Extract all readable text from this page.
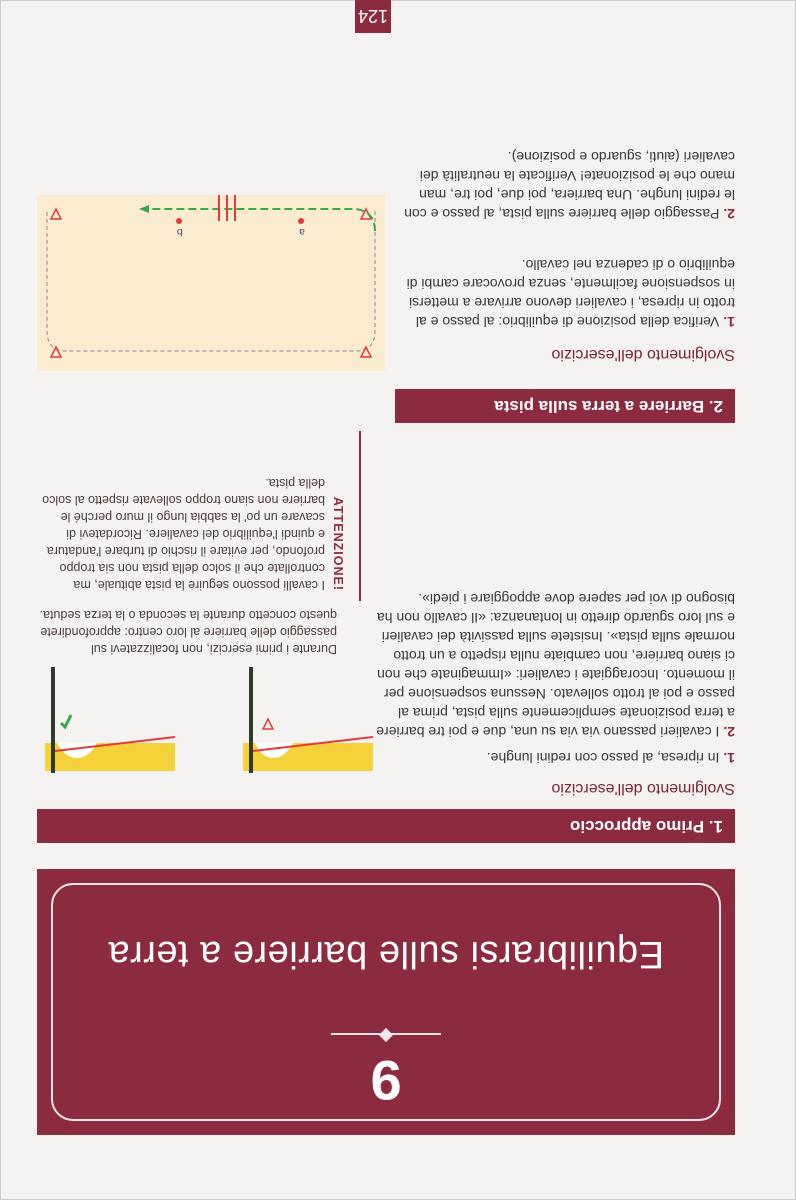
124
9
Equilibrarsi sulle barriere a terra
1. Primo approccio
Svolgimento dell'esercizio
1. In ripresa, al passo con redini lunghe.
2. I cavalieri passano via via su una, due e poi tre barriere a terra posizionate semplicemente sulla pista, prima al passo e poi al trotto sollevato. Nessuna sospensione per il momento. Incoraggiate i cavalieri: «Immaginate che non ci siano barriere, non cambiate nulla rispetto a un trotto normale sulla pista». Insistete sulla passività dei cavalieri e sul loro sguardo diretto in lontananza: «Il cavallo non ha bisogno di voi per sapere dove appoggiare i piedi».
Durante i primi esercizi, non focalizzatevi sul passaggio delle barriere al loro centro: approfondirete questo concetto durante la seconda o la terza seduta.
ATTENZIONE!
I cavalli possono seguire la pista abituale, ma controllate che il solco della pista non sia troppo profondo, per evitare il rischio di turbare l'andatura e quindi l'equilibrio del cavaliere. Ricordatevi di scavare un po' la sabbia lungo il muro perché le barriere non siano troppo sollevate rispetto al solco della pista.
2. Barriere a terra sulla pista
Svolgimento dell'esercizio
1. Verifica della posizione di equilibrio: al passo e al trotto in ripresa, i cavalieri devono arrivare a mettersi in sospensione facilmente, senza provocare cambi di equilibrio o di cadenza nel cavallo.
2. Passaggio delle barriere sulla pista, al passo e con le redini lunghe. Una barriera, poi due, poi tre, man mano che le posizionate! Verificate la neutralità dei cavalieri (aiuti, sguardo e posizione).
a
b
